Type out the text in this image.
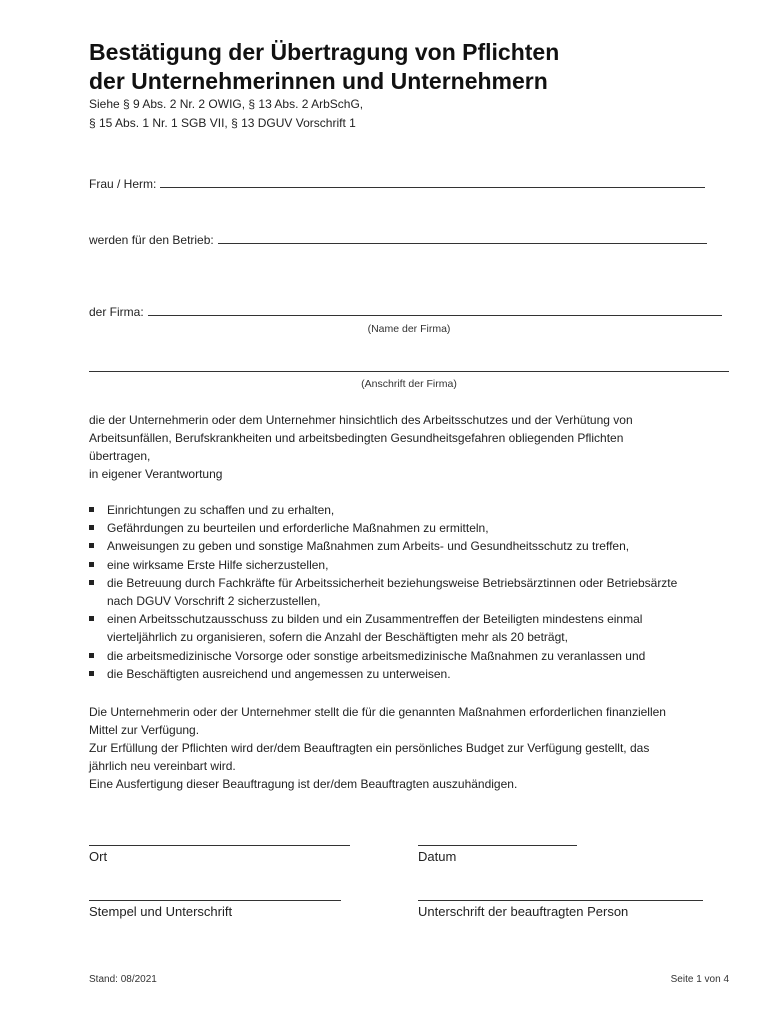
Bestätigung der Übertragung von Pflichten
der Unternehmerinnen und Unternehmern
Siehe § 9 Abs. 2 Nr. 2 OWIG, § 13 Abs. 2 ArbSchG,
§ 15 Abs. 1 Nr. 1 SGB VII, § 13 DGUV Vorschrift 1
Frau / Herm:
werden für den Betrieb:
der Firma:
(Name der Firma)
(Anschrift der Firma)
die der Unternehmerin oder dem Unternehmer hinsichtlich des Arbeitsschutzes und der Verhütung von
Arbeitsunfällen, Berufskrankheiten und arbeitsbedingten Gesundheitsgefahren obliegenden Pflichten
übertragen,
in eigener Verantwortung
Einrichtungen zu schaffen und zu erhalten,
Gefährdungen zu beurteilen und erforderliche Maßnahmen zu ermitteln,
Anweisungen zu geben und sonstige Maßnahmen zum Arbeits- und Gesundheitsschutz zu treffen,
eine wirksame Erste Hilfe sicherzustellen,
die Betreuung durch Fachkräfte für Arbeitssicherheit beziehungsweise Betriebsärztinnen oder Betriebsärzte
nach DGUV Vorschrift 2 sicherzustellen,
einen Arbeitsschutzausschuss zu bilden und ein Zusammentreffen der Beteiligten mindestens einmal
vierteljährlich zu organisieren, sofern die Anzahl der Beschäftigten mehr als 20 beträgt,
die arbeitsmedizinische Vorsorge oder sonstige arbeitsmedizinische Maßnahmen zu veranlassen und
die Beschäftigten ausreichend und angemessen zu unterweisen.
Die Unternehmerin oder der Unternehmer stellt die für die genannten Maßnahmen erforderlichen finanziellen
Mittel zur Verfügung.
Zur Erfüllung der Pflichten wird der/dem Beauftragten ein persönliches Budget zur Verfügung gestellt, das
jährlich neu vereinbart wird.
Eine Ausfertigung dieser Beauftragung ist der/dem Beauftragten auszuhändigen.
Ort	Datum
Stempel und Unterschrift	Unterschrift der beauftragten Person
Stand: 08/2021	Seite 1 von 4
